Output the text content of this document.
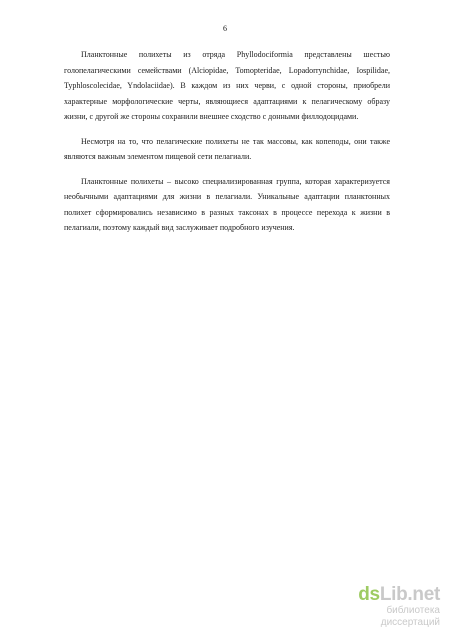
6

Планктонные полихеты из отряда Phyllodociformia представлены шестью голопелагическими семействами (Alciopidae, Tomopteridae, Lopadorrynchidae, Iospilidae, Typhloscolecidae, Yndolaciidae). В каждом из них черви, с одной стороны, приобрели характерные морфологические черты, являющиеся адаптациями к пелагическому образу жизни, с другой же стороны сохранили внешнее сходство с донными филлодоцидами.

Несмотря на то, что пелагические полихеты не так массовы, как копеподы, они также являются важным элементом пищевой сети пелагиали.

Планктонные полихеты – высоко специализированная группа, которая характеризуется необычными адаптациями для жизни в пелагиали. Уникальные адаптации планктонных полихет сформировались независимо в разных таксонах в процессе перехода к жизни в пелагиали, поэтому каждый вид заслуживает подробного изучения.

dsLib.net
библиотека диссертаций
